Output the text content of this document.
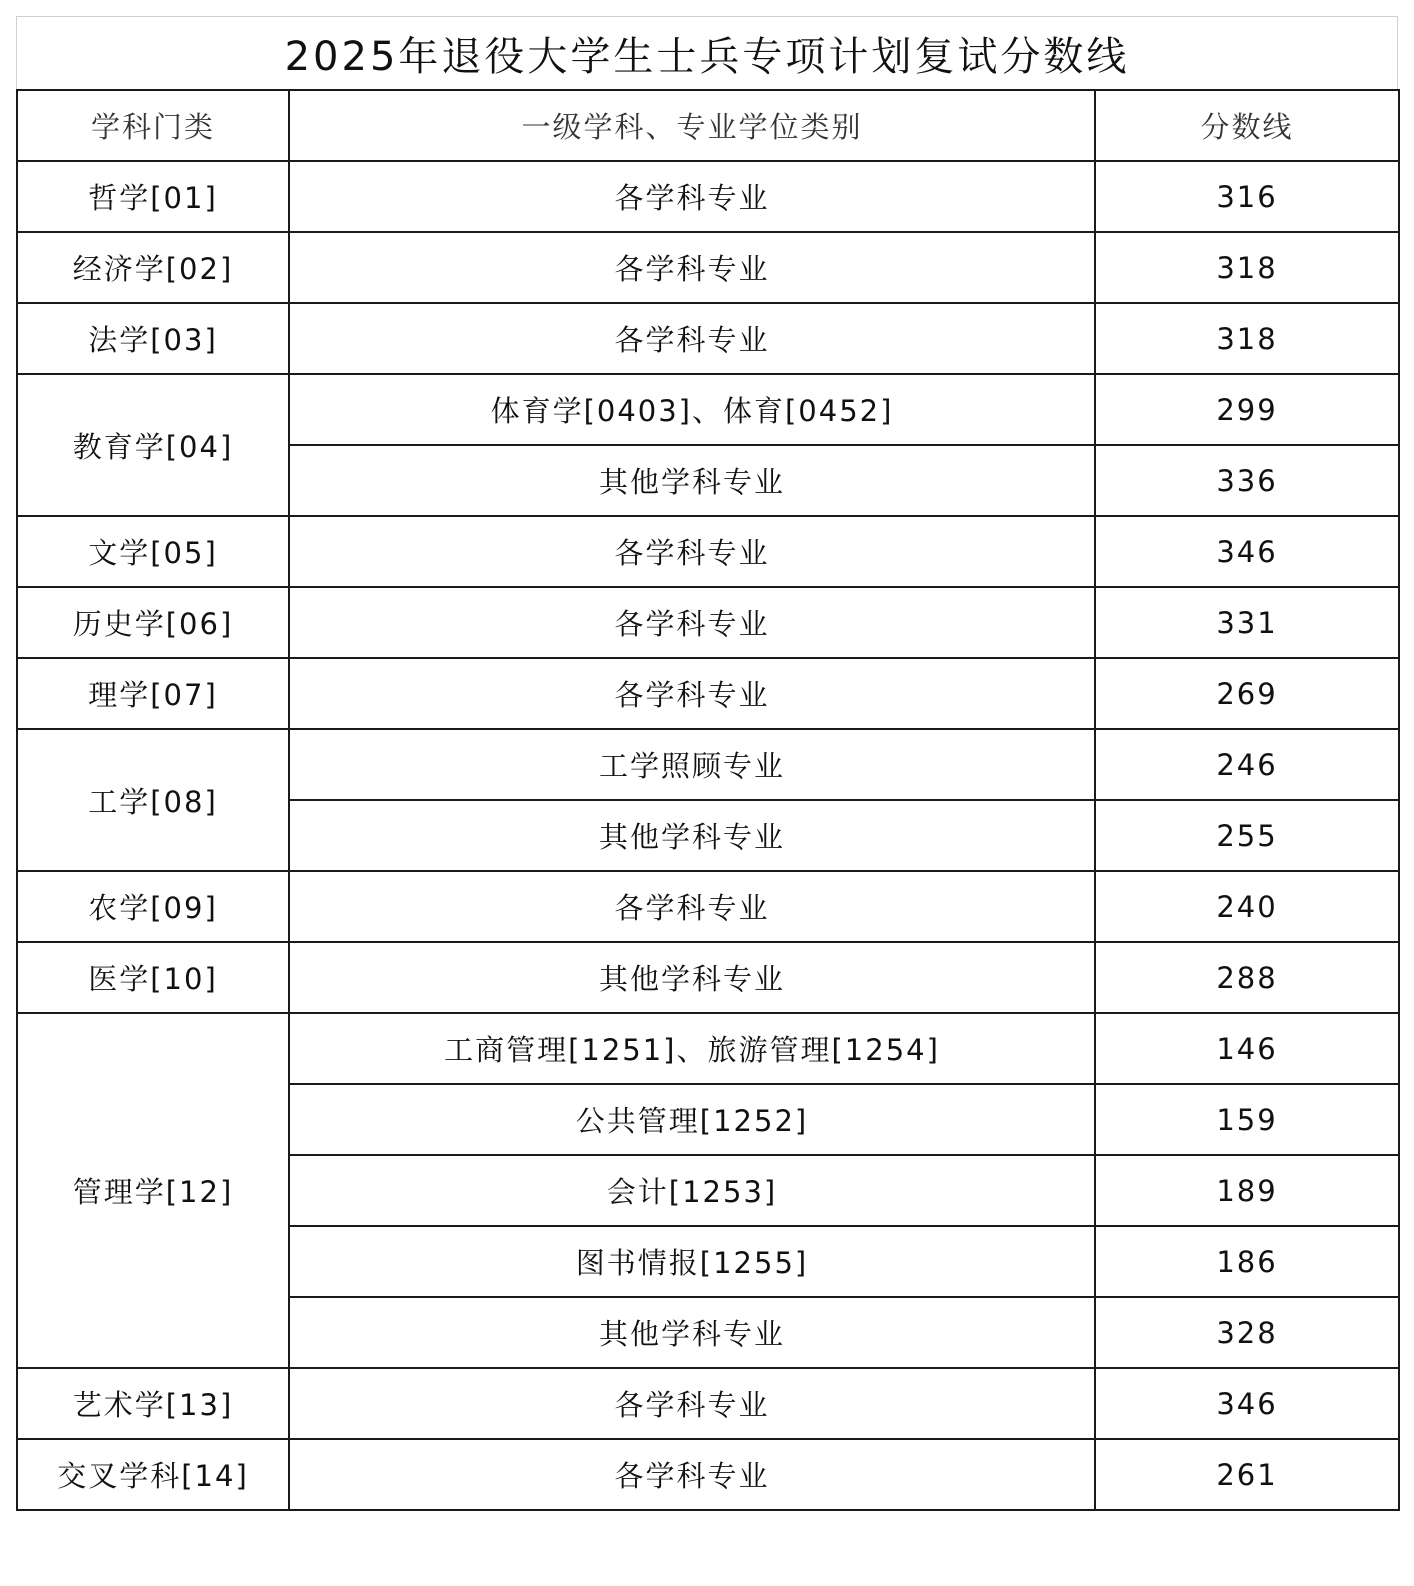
2025年退役大学生士兵专项计划复试分数线
学科门类	一级学科、专业学位类别	分数线
哲学[01]	各学科专业	316
经济学[02]	各学科专业	318
法学[03]	各学科专业	318
教育学[04]	体育学[0403]、体育[0452]	299
	其他学科专业	336
文学[05]	各学科专业	346
历史学[06]	各学科专业	331
理学[07]	各学科专业	269
工学[08]	工学照顾专业	246
	其他学科专业	255
农学[09]	各学科专业	240
医学[10]	其他学科专业	288
管理学[12]	工商管理[1251]、旅游管理[1254]	146
	公共管理[1252]	159
	会计[1253]	189
	图书情报[1255]	186
	其他学科专业	328
艺术学[13]	各学科专业	346
交叉学科[14]	各学科专业	261
